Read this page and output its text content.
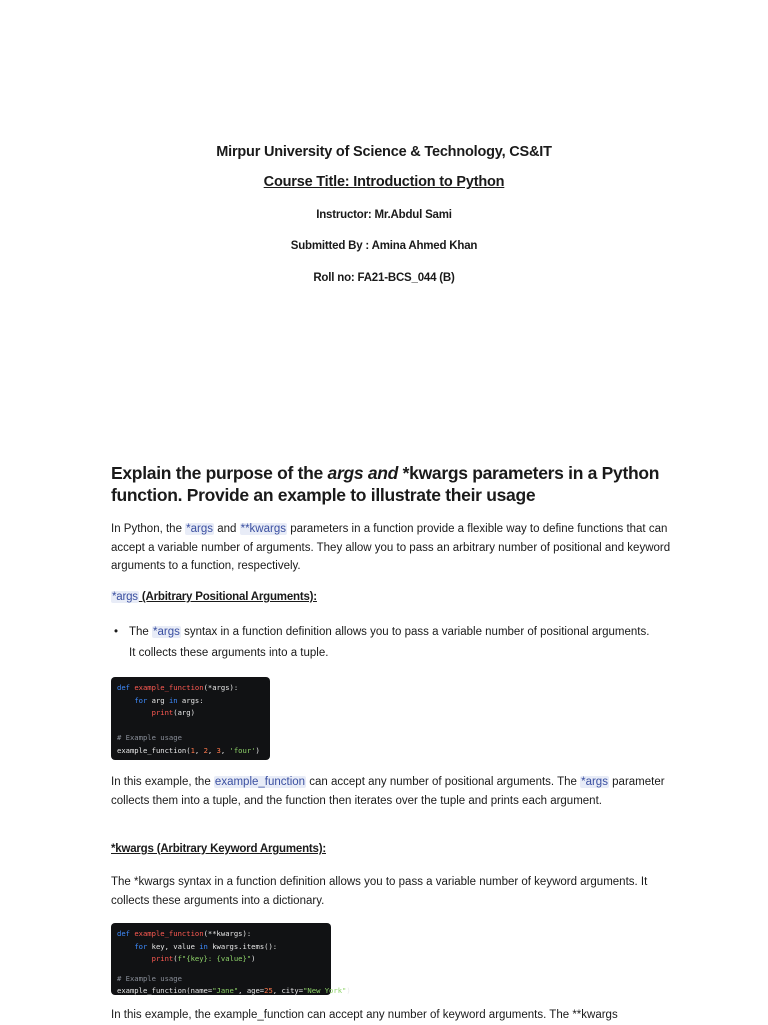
Mirpur University of Science & Technology, CS&IT
Course Title: Introduction to Python
Instructor: Mr.Abdul Sami
Submitted By : Amina Ahmed Khan
Roll no: FA21-BCS_044 (B)
Explain the purpose of the args and *kwargs parameters in a Python function. Provide an example to illustrate their usage

In Python, the *args and **kwargs parameters in a function provide a flexible way to define functions that can accept a variable number of arguments. They allow you to pass an arbitrary number of positional and keyword arguments to a function, respectively.

*args (Arbitrary Positional Arguments):

• The *args syntax in a function definition allows you to pass a variable number of positional arguments. It collects these arguments into a tuple.
def example_function(*args):
for arg in args:
print(arg)
# Example usage
example_function(1, 2, 3, 'four')

In this example, the example_function can accept any number of positional arguments. The *args parameter collects them into a tuple, and the function then iterates over the tuple and prints each argument.

*kwargs (Arbitrary Keyword Arguments):

The *kwargs syntax in a function definition allows you to pass a variable number of keyword arguments. It collects these arguments into a dictionary.

def example_function(**kwargs):
for key, value in kwargs.items():
print(f"{key}: {value}")
# Example usage
example_function(name="Jane", age=25, city="New York")

In this example, the example_function can accept any number of keyword arguments. The **kwargs
